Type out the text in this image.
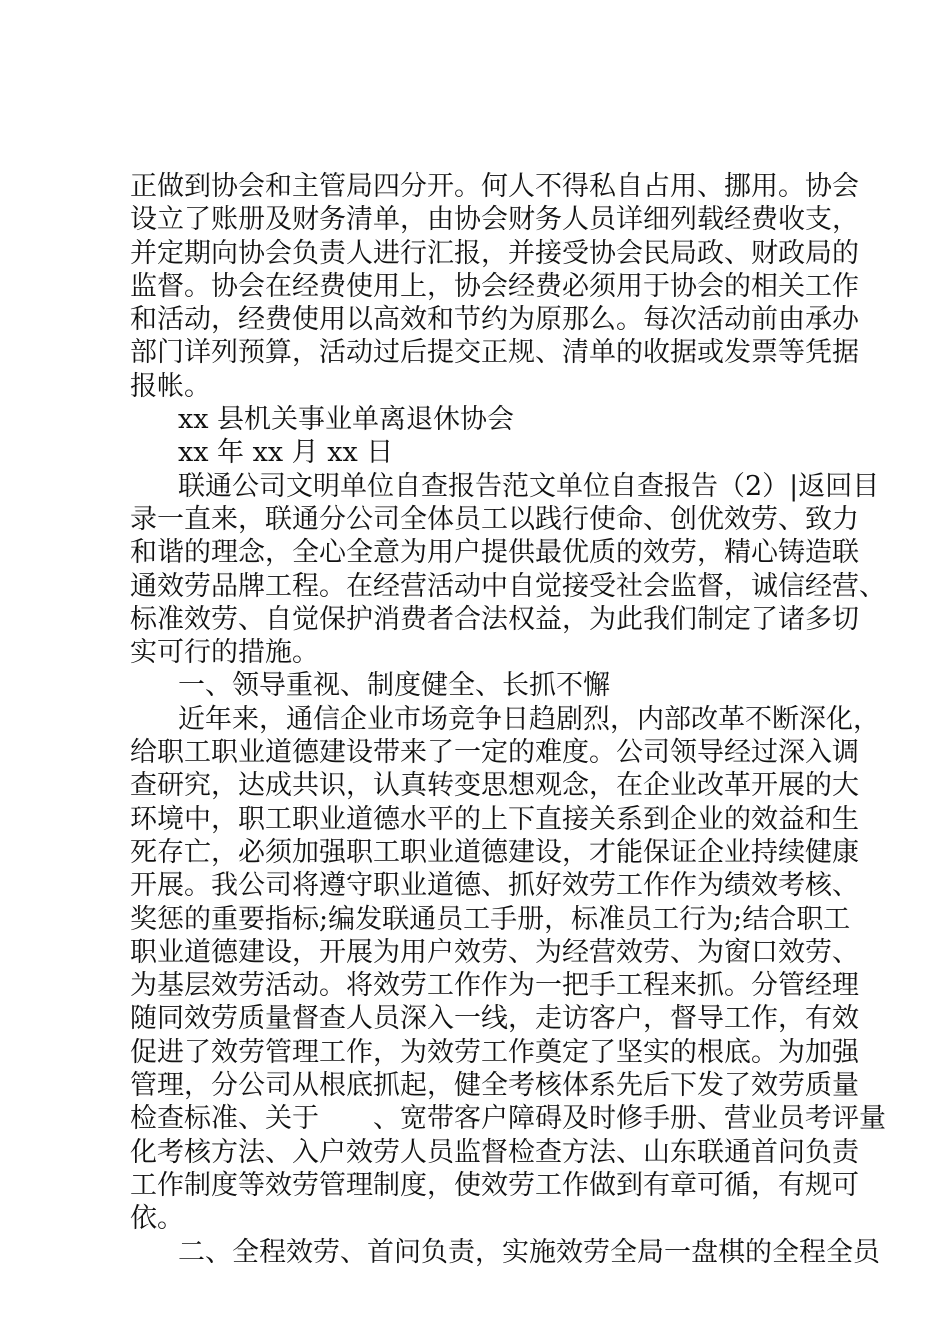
正做到协会和主管局四分开。何人不得私自占用、挪用。协会
设立了账册及财务清单，由协会财务人员详细列载经费收支，
并定期向协会负责人进行汇报，并接受协会民局政、财政局的
监督。协会在经费使用上，协会经费必须用于协会的相关工作
和活动，经费使用以高效和节约为原那么。每次活动前由承办
部门详列预算，活动过后提交正规、清单的收据或发票等凭据
报帐。
xx 县机关事业单离退休协会
xx 年 xx 月 xx 日
联通公司文明单位自查报告范文单位自查报告（2）|返回目
录一直来，联通分公司全体员工以践行使命、创优效劳、致力
和谐的理念，全心全意为用户提供最优质的效劳，精心铸造联
通效劳品牌工程。在经营活动中自觉接受社会监督，诚信经营、
标准效劳、自觉保护消费者合法权益，为此我们制定了诸多切
实可行的措施。
一、领导重视、制度健全、长抓不懈
近年来，通信企业市场竞争日趋剧烈，内部改革不断深化，
给职工职业道德建设带来了一定的难度。公司领导经过深入调
查研究，达成共识，认真转变思想观念，在企业改革开展的大
环境中，职工职业道德水平的上下直接关系到企业的效益和生
死存亡，必须加强职工职业道德建设，才能保证企业持续健康
开展。我公司将遵守职业道德、抓好效劳工作作为绩效考核、
奖惩的重要指标;编发联通员工手册，标准员工行为;结合职工
职业道德建设，开展为用户效劳、为经营效劳、为窗口效劳、
为基层效劳活动。将效劳工作作为一把手工程来抓。分管经理
随同效劳质量督查人员深入一线，走访客户，督导工作，有效
促进了效劳管理工作，为效劳工作奠定了坚实的根底。为加强
管理，分公司从根底抓起，健全考核体系先后下发了效劳质量
检查标准、关于　　、宽带客户障碍及时修手册、营业员考评量
化考核方法、入户效劳人员监督检查方法、山东联通首问负责
工作制度等效劳管理制度，使效劳工作做到有章可循，有规可
依。
二、全程效劳、首问负责，实施效劳全局一盘棋的全程全员
